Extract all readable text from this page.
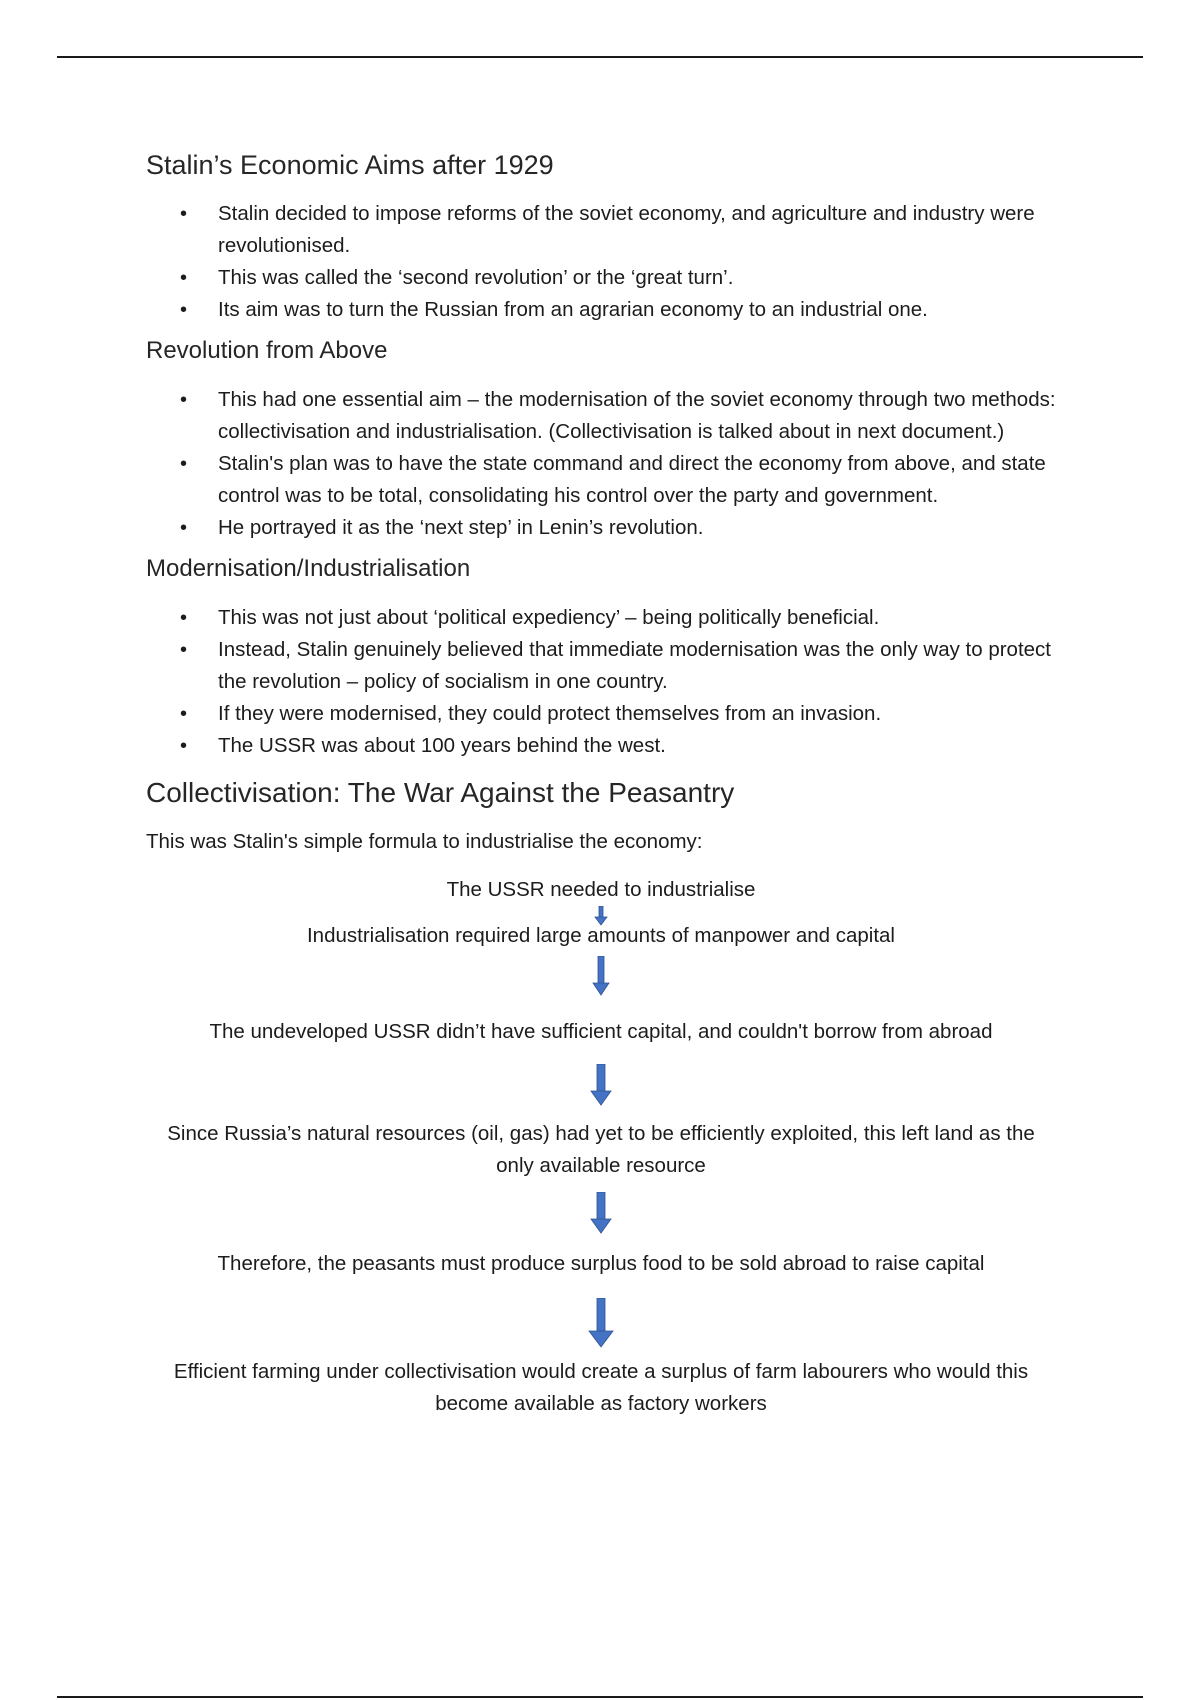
Stalin’s Economic Aims after 1929
• Stalin decided to impose reforms of the soviet economy, and agriculture and industry were revolutionised.
• This was called the ‘second revolution’ or the ‘great turn’.
• Its aim was to turn the Russian from an agrarian economy to an industrial one.
Revolution from Above
• This had one essential aim – the modernisation of the soviet economy through two methods: collectivisation and industrialisation. (Collectivisation is talked about in next document.)
• Stalin's plan was to have the state command and direct the economy from above, and state control was to be total, consolidating his control over the party and government.
• He portrayed it as the ‘next step’ in Lenin’s revolution.
Modernisation/Industrialisation
• This was not just about ‘political expediency’ – being politically beneficial.
• Instead, Stalin genuinely believed that immediate modernisation was the only way to protect the revolution – policy of socialism in one country.
• If they were modernised, they could protect themselves from an invasion.
• The USSR was about 100 years behind the west.
Collectivisation: The War Against the Peasantry

This was Stalin's simple formula to industrialise the economy:

The USSR needed to industrialise
Industrialisation required large amounts of manpower and capital
The undeveloped USSR didn’t have sufficient capital, and couldn't borrow from abroad
Since Russia’s natural resources (oil, gas) had yet to be efficiently exploited, this left land as the only available resource
Therefore, the peasants must produce surplus food to be sold abroad to raise capital
Efficient farming under collectivisation would create a surplus of farm labourers who would this become available as factory workers
